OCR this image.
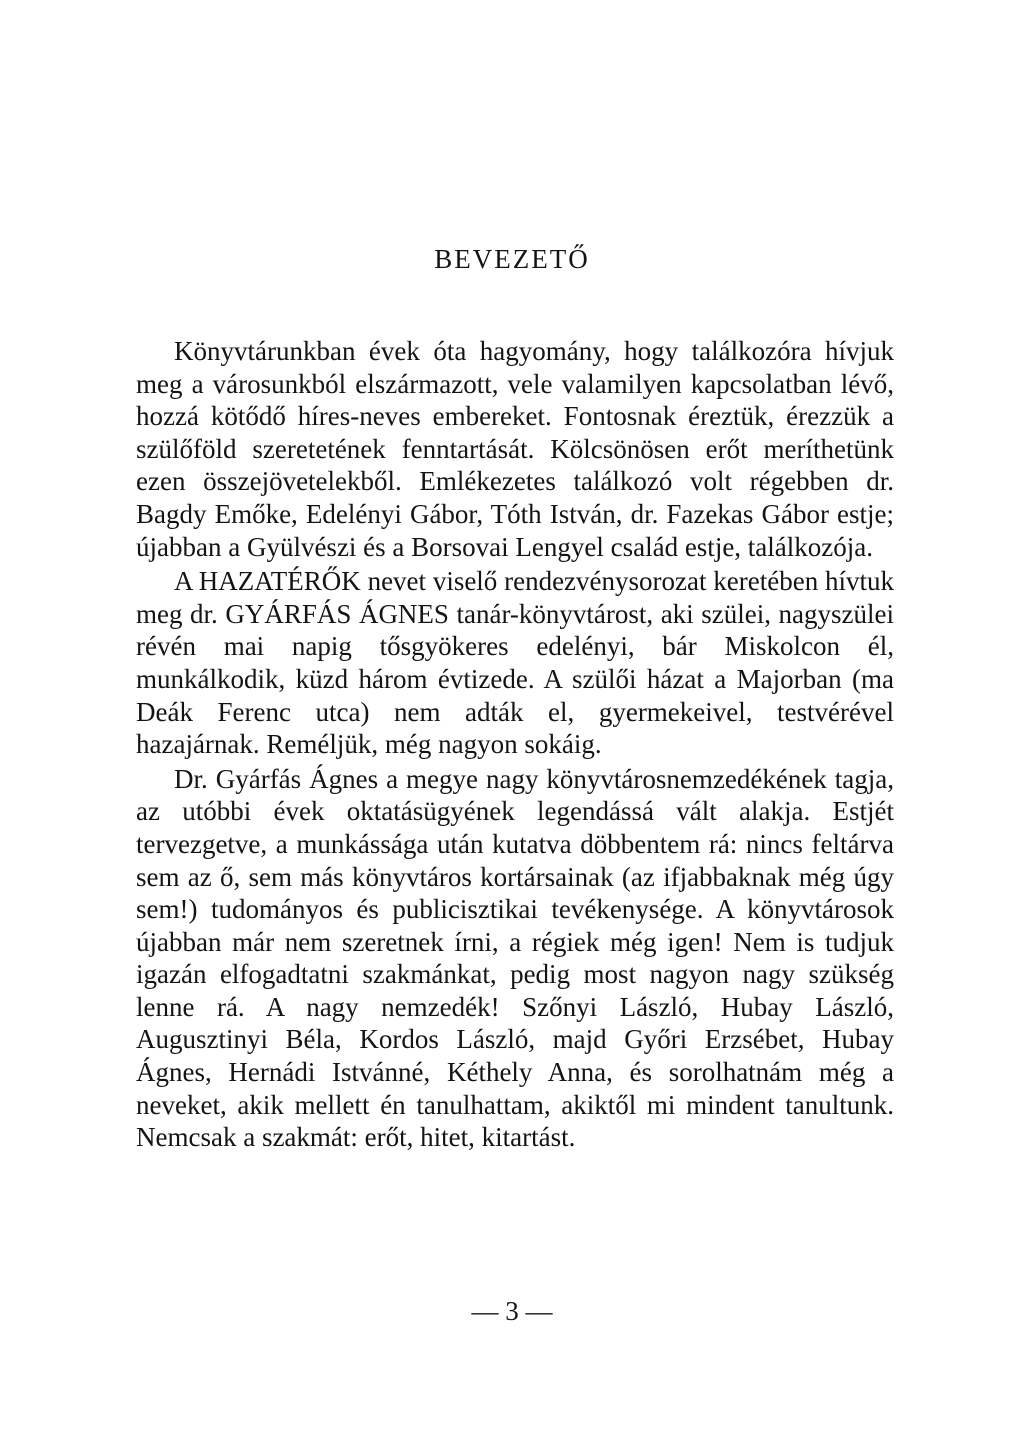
BEVEZETŐ

Könyvtárunkban évek óta hagyomány, hogy találkozóra hívjuk meg a városunkból elszármazott, vele valamilyen kapcsolatban lévő, hozzá kötődő híres-neves embereket. Fontosnak éreztük, érezzük a szülőföld szeretetének fenntartását. Kölcsönösen erőt meríthetünk ezen összejövetelekből. Emlékezetes találkozó volt régebben dr. Bagdy Emőke, Edelényi Gábor, Tóth István, dr. Fazekas Gábor estje; újabban a Gyülvészi és a Borsovai Lengyel család estje, találkozója.

A HAZATÉRŐK nevet viselő rendezvénysorozat keretében hívtuk meg dr. GYÁRFÁS ÁGNES tanár-könyvtárost, aki szülei, nagyszülei révén mai napig tősgyökeres edelényi, bár Miskolcon él, munkálkodik, küzd három évtizede. A szülői házat a Majorban (ma Deák Ferenc utca) nem adták el, gyermekeivel, testvérével hazajárnak. Reméljük, még nagyon sokáig.

Dr. Gyárfás Ágnes a megye nagy könyvtárosnemzedékének tagja, az utóbbi évek oktatásügyének legendássá vált alakja. Estjét tervezgetve, a munkássága után kutatva döbbentem rá: nincs feltárva sem az ő, sem más könyvtáros kortársainak (az ifjabbaknak még úgy sem!) tudományos és publicisztikai tevékenysége. A könyvtárosok újabban már nem szeretnek írni, a régiek még igen! Nem is tudjuk igazán elfogadtatni szakmánkat, pedig most nagyon nagy szükség lenne rá. A nagy nemzedék! Szőnyi László, Hubay László, Augusztinyi Béla, Kordos László, majd Győri Erzsébet, Hubay Ágnes, Hernádi Istvánné, Kéthely Anna, és sorolhatnám még a neveket, akik mellett én tanulhattam, akiktől mi mindent tanultunk. Nemcsak a szakmát: erőt, hitet, kitartást.

— 3 —
